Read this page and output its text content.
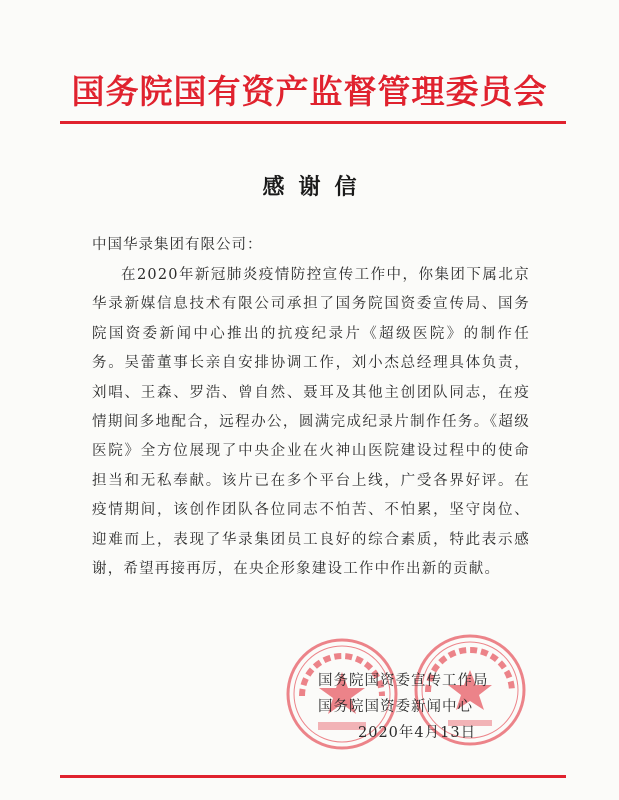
国务院国有资产监督管理委员会
感谢信
中国华录集团有限公司：
在2020年新冠肺炎疫情防控宣传工作中，你集团下属北京华录新媒信息技术有限公司承担了国务院国资委宣传局、国务院国资委新闻中心推出的抗疫纪录片《超级医院》的制作任务。吴蕾董事长亲自安排协调工作，刘小杰总经理具体负责，刘唱、王森、罗浩、曾自然、聂耳及其他主创团队同志，在疫情期间多地配合，远程办公，圆满完成纪录片制作任务。《超级医院》全方位展现了中央企业在火神山医院建设过程中的使命担当和无私奉献。该片已在多个平台上线，广受各界好评。在疫情期间，该创作团队各位同志不怕苦、不怕累，坚守岗位、迎难而上，表现了华录集团员工良好的综合素质，特此表示感谢，希望再接再厉，在央企形象建设工作中作出新的贡献。
国务院国资委宣传工作局
国务院国资委新闻中心
2020年4月13日
